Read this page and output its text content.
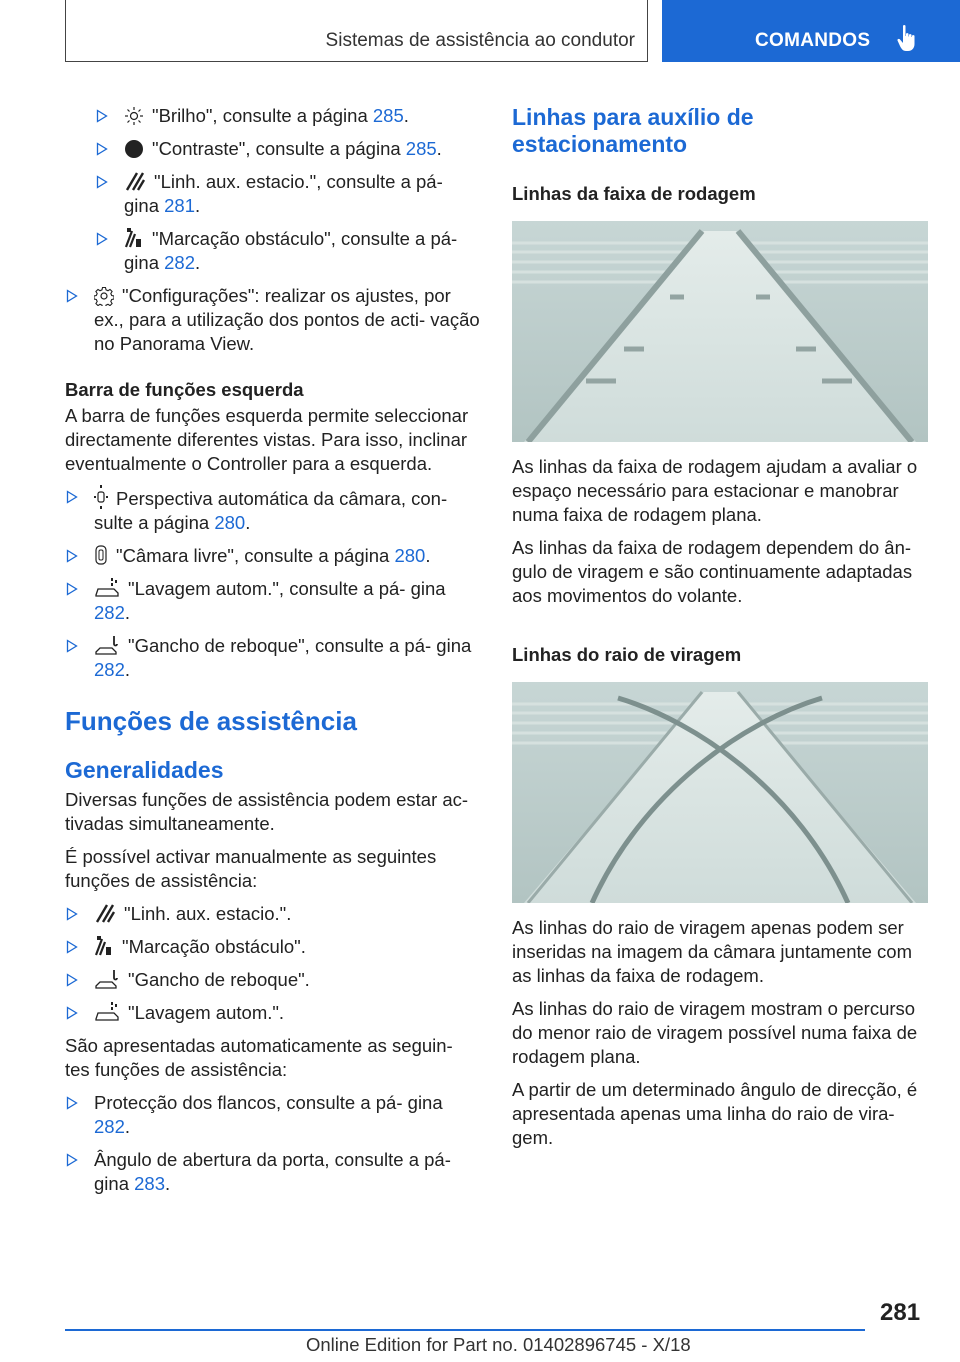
Sistemas de assistência ao condutor	COMANDOS
"Brilho", consulte a página 285.
"Contraste", consulte a página 285.
"Linh. aux. estacio.", consulte a pá‐ gina 281.
"Marcação obstáculo", consulte a pá‐ gina 282.
"Configurações": realizar os ajustes, por ex., para a utilização dos pontos de acti‐ vação no Panorama View.
Barra de funções esquerda
A barra de funções esquerda permite seleccionar directamente diferentes vistas. Para isso, inclinar eventualmente o Controller para a esquerda.
Perspectiva automática da câmara, con‐ sulte a página 280.
"Câmara livre", consulte a página 280.
"Lavagem autom.", consulte a pá‐ gina 282.
"Gancho de reboque", consulte a pá‐ gina 282.
Funções de assistência
Generalidades
Diversas funções de assistência podem estar ac‐ tivadas simultaneamente.
É possível activar manualmente as seguintes funções de assistência:
"Linh. aux. estacio.".
"Marcação obstáculo".
"Gancho de reboque".
"Lavagem autom.".
São apresentadas automaticamente as seguin‐ tes funções de assistência:
Protecção dos flancos, consulte a pá‐ gina 282.
Ângulo de abertura da porta, consulte a pá‐ gina 283.
Linhas para auxílio de estacionamento
Linhas da faixa de rodagem
As linhas da faixa de rodagem ajudam a avaliar o espaço necessário para estacionar e manobrar numa faixa de rodagem plana.
As linhas da faixa de rodagem dependem do ân‐ gulo de viragem e são continuamente adaptadas aos movimentos do volante.
Linhas do raio de viragem
As linhas do raio de viragem apenas podem ser inseridas na imagem da câmara juntamente com as linhas da faixa de rodagem.
As linhas do raio de viragem mostram o percurso do menor raio de viragem possível numa faixa de rodagem plana.
A partir de um determinado ângulo de direcção, é apresentada apenas uma linha do raio de vira‐ gem.
281
Online Edition for Part no. 01402896745 - X/18
